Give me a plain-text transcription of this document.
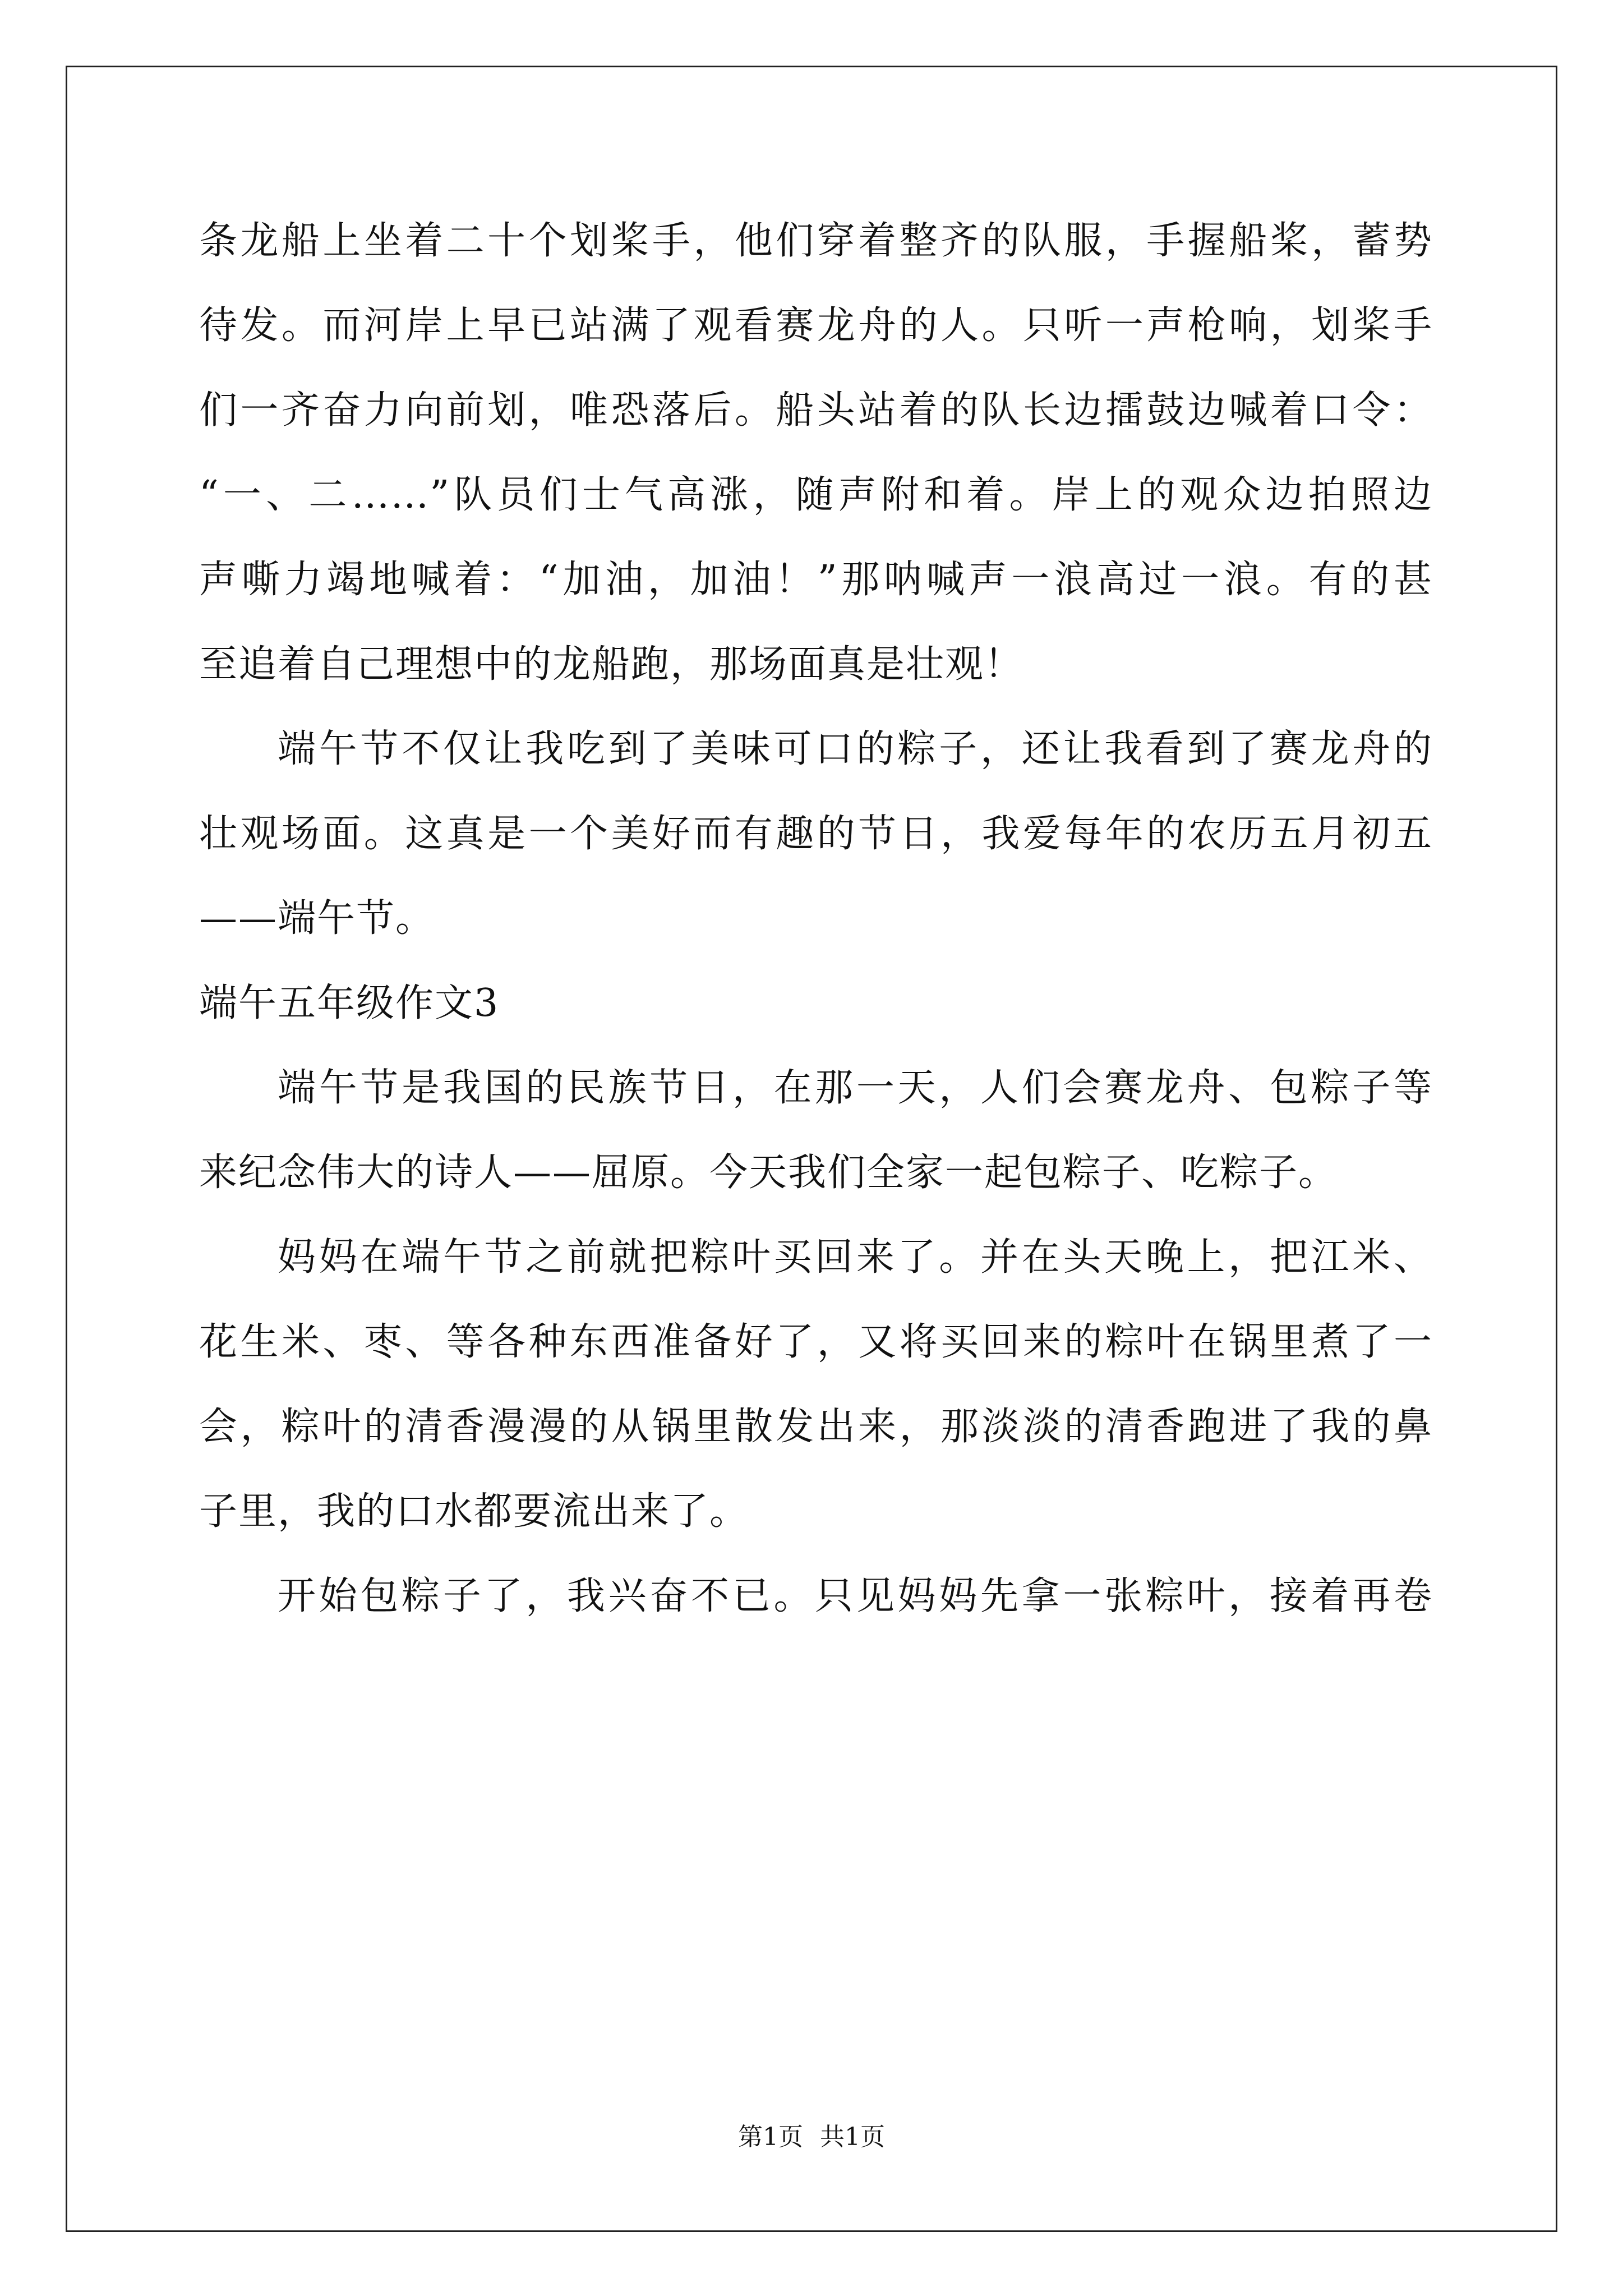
条龙船上坐着二十个划桨手，他们穿着整齐的队服，手握船桨，蓄势
待发。而河岸上早已站满了观看赛龙舟的人。只听一声枪响，划桨手
们一齐奋力向前划，唯恐落后。船头站着的队长边擂鼓边喊着口令：
“一、二……”队员们士气高涨，随声附和着。岸上的观众边拍照边
声嘶力竭地喊着：“加油，加油！”那呐喊声一浪高过一浪。有的甚
至追着自己理想中的龙船跑，那场面真是壮观！
端午节不仅让我吃到了美味可口的粽子，还让我看到了赛龙舟的
壮观场面。这真是一个美好而有趣的节日，我爱每年的农历五月初五
——端午节。
端午五年级作文3
端午节是我国的民族节日，在那一天，人们会赛龙舟、包粽子等
来纪念伟大的诗人——屈原。今天我们全家一起包粽子、吃粽子。
妈妈在端午节之前就把粽叶买回来了。并在头天晚上，把江米、
花生米、枣、等各种东西准备好了，又将买回来的粽叶在锅里煮了一
会，粽叶的清香漫漫的从锅里散发出来，那淡淡的清香跑进了我的鼻
子里，我的口水都要流出来了。
开始包粽子了，我兴奋不已。只见妈妈先拿一张粽叶，接着再卷
第1页 共1页
